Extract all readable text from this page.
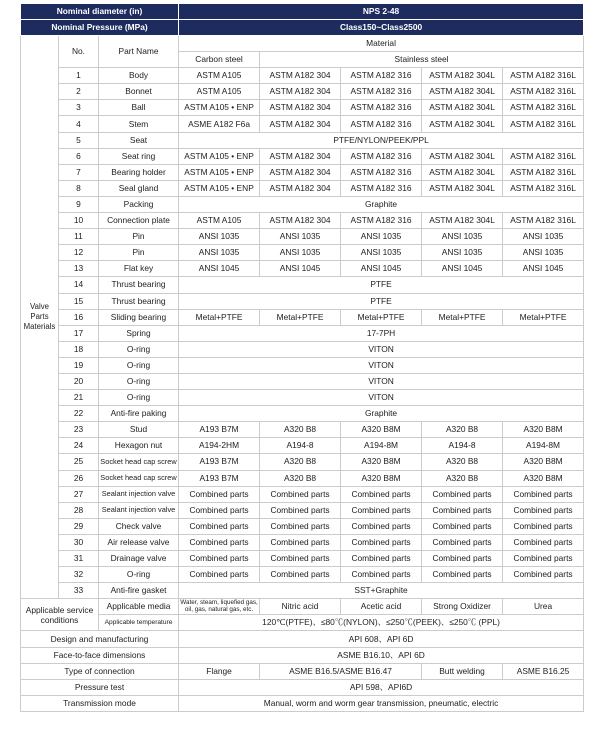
Nominal diameter (in)			NPS 2-48				
Nominal Pressure (MPa)			Class150~Class2500				
Valve Parts Materials	No.	Part Name	Material				
			Carbon steel	Stainless steel			
	1	Body	ASTM A105	ASTM A182 304	ASTM A182 316	ASTM A182 304L	ASTM A182 316L
	2	Bonnet	ASTM A105	ASTM A182 304	ASTM A182 316	ASTM A182 304L	ASTM A182 316L
	3	Ball	ASTM A105 • ENP	ASTM A182 304	ASTM A182 316	ASTM A182 304L	ASTM A182 316L
	4	Stem	ASME A182 F6a	ASTM A182 304	ASTM A182 316	ASTM A182 304L	ASTM A182 316L
	5	Seat	PTFE/NYLON/PEEK/PPL				
	6	Seat ring	ASTM A105 • ENP	ASTM A182 304	ASTM A182 316	ASTM A182 304L	ASTM A182 316L
	7	Bearing holder	ASTM A105 • ENP	ASTM A182 304	ASTM A182 316	ASTM A182 304L	ASTM A182 316L
	8	Seal gland	ASTM A105 • ENP	ASTM A182 304	ASTM A182 316	ASTM A182 304L	ASTM A182 316L
	9	Packing	Graphite				
	10	Connection plate	ASTM A105	ASTM A182 304	ASTM A182 316	ASTM A182 304L	ASTM A182 316L
	11	Pin	ANSI 1035	ANSI 1035	ANSI 1035	ANSI 1035	ANSI 1035
	12	Pin	ANSI 1035	ANSI 1035	ANSI 1035	ANSI 1035	ANSI 1035
	13	Flat key	ANSI 1045	ANSI 1045	ANSI 1045	ANSI 1045	ANSI 1045
	14	Thrust bearing	PTFE				
	15	Thrust bearing	PTFE				
	16	Sliding bearing	Metal+PTFE	Metal+PTFE	Metal+PTFE	Metal+PTFE	Metal+PTFE
	17	Spring	17-7PH				
	18	O-ring	VITON				
	19	O-ring	VITON				
	20	O-ring	VITON				
	21	O-ring	VITON				
	22	Anti-fire paking	Graphite				
	23	Stud	A193 B7M	A320 B8	A320 B8M	A320 B8	A320 B8M
	24	Hexagon nut	A194-2HM	A194-8	A194-8M	A194-8	A194-8M
	25	Socket head cap screw	A193 B7M	A320 B8	A320 B8M	A320 B8	A320 B8M
	26	Socket head cap screw	A193 B7M	A320 B8	A320 B8M	A320 B8	A320 B8M
	27	Sealant injection valve	Combined parts	Combined parts	Combined parts	Combined parts	Combined parts
	28	Sealant injection valve	Combined parts	Combined parts	Combined parts	Combined parts	Combined parts
	29	Check valve	Combined parts	Combined parts	Combined parts	Combined parts	Combined parts
	30	Air release valve	Combined parts	Combined parts	Combined parts	Combined parts	Combined parts
	31	Drainage valve	Combined parts	Combined parts	Combined parts	Combined parts	Combined parts
	32	O-ring	Combined parts	Combined parts	Combined parts	Combined parts	Combined parts
	33	Anti-fire gasket	SST+Graphite				
Applicable service conditions		Applicable media	Water, steam, liquefied gas, oil, gas, natural gas, etc.	Nitric acid	Acetic acid	Strong Oxidizer	Urea
		Applicable temperature	120℃(PTFE)、≤80℃(NYLON)、≤250℃(PEEK)、≤250℃ (PPL)				
Design and manufacturing			API 608、API 6D				
Face-to-face dimensions			ASME B16.10、API 6D				
Type of connection			Flange	ASME B16.5/ASME B16.47		Butt welding	ASME B16.25
Pressure test			API 598、API6D				
Transmission mode			Manual, worm and worm gear transmission, pneumatic, electric				
